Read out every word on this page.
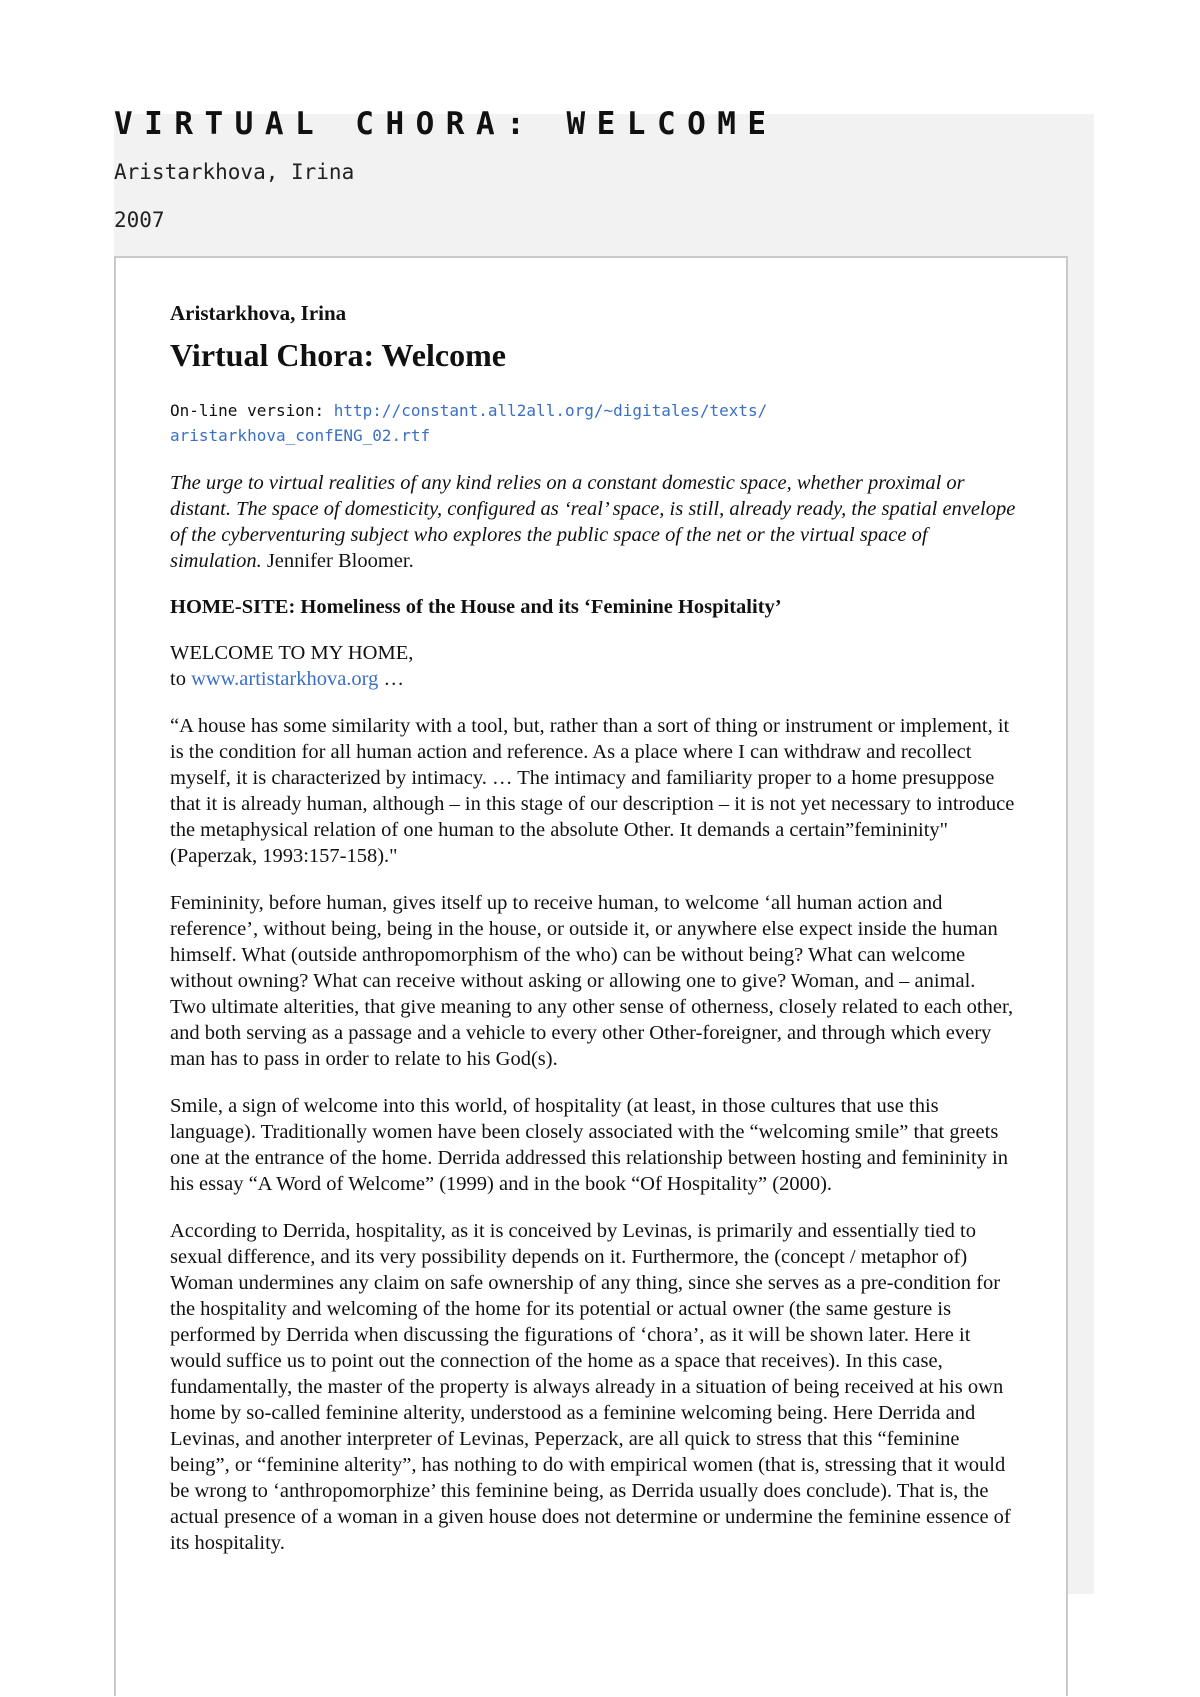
VIRTUAL CHORA: WELCOME
Aristarkhova, Irina
2007

Aristarkhova, Irina

Virtual Chora: Welcome
On-line version: http://constant.all2all.org/~digitales/texts/
aristarkhova_confENG_02.rtf

The urge to virtual realities of any kind relies on a constant domestic space, whether proximal or distant. The space of domesticity, configured as ‘real’ space, is still, already ready, the spatial envelope of the cyberventuring subject who explores the public space of the net or the virtual space of simulation. Jennifer Bloomer.

HOME-SITE: Homeliness of the House and its ‘Feminine Hospitality’

WELCOME TO MY HOME,
to www.artistarkhova.org …

“A house has some similarity with a tool, but, rather than a sort of thing or instrument or implement, it is the condition for all human action and reference. As a place where I can withdraw and recollect myself, it is characterized by intimacy. … The intimacy and familiarity proper to a home presuppose that it is already human, although – in this stage of our description – it is not yet necessary to introduce the metaphysical relation of one human to the absolute Other. It demands a certain”femininity" (Paperzak, 1993:157-158)."

Femininity, before human, gives itself up to receive human, to welcome ‘all human action and reference’, without being, being in the house, or outside it, or anywhere else expect inside the human himself. What (outside anthropomorphism of the who) can be without being? What can welcome without owning? What can receive without asking or allowing one to give? Woman, and – animal. Two ultimate alterities, that give meaning to any other sense of otherness, closely related to each other, and both serving as a passage and a vehicle to every other Other-foreigner, and through which every man has to pass in order to relate to his God(s).

Smile, a sign of welcome into this world, of hospitality (at least, in those cultures that use this language). Traditionally women have been closely associated with the “welcoming smile” that greets one at the entrance of the home. Derrida addressed this relationship between hosting and femininity in his essay “A Word of Welcome” (1999) and in the book “Of Hospitality” (2000).

According to Derrida, hospitality, as it is conceived by Levinas, is primarily and essentially tied to sexual difference, and its very possibility depends on it. Furthermore, the (concept / metaphor of) Woman undermines any claim on safe ownership of any thing, since she serves as a pre-condition for the hospitality and welcoming of the home for its potential or actual owner (the same gesture is performed by Derrida when discussing the figurations of ‘chora’, as it will be shown later. Here it would suffice us to point out the connection of the home as a space that receives). In this case, fundamentally, the master of the property is always already in a situation of being received at his own home by so-called feminine alterity, understood as a feminine welcoming being. Here Derrida and Levinas, and another interpreter of Levinas, Peperzack, are all quick to stress that this “feminine being”, or “feminine alterity”, has nothing to do with empirical women (that is, stressing that it would be wrong to ‘anthropomorphize’ this feminine being, as Derrida usually does conclude). That is, the actual presence of a woman in a given house does not determine or undermine the feminine essence of its hospitality.
